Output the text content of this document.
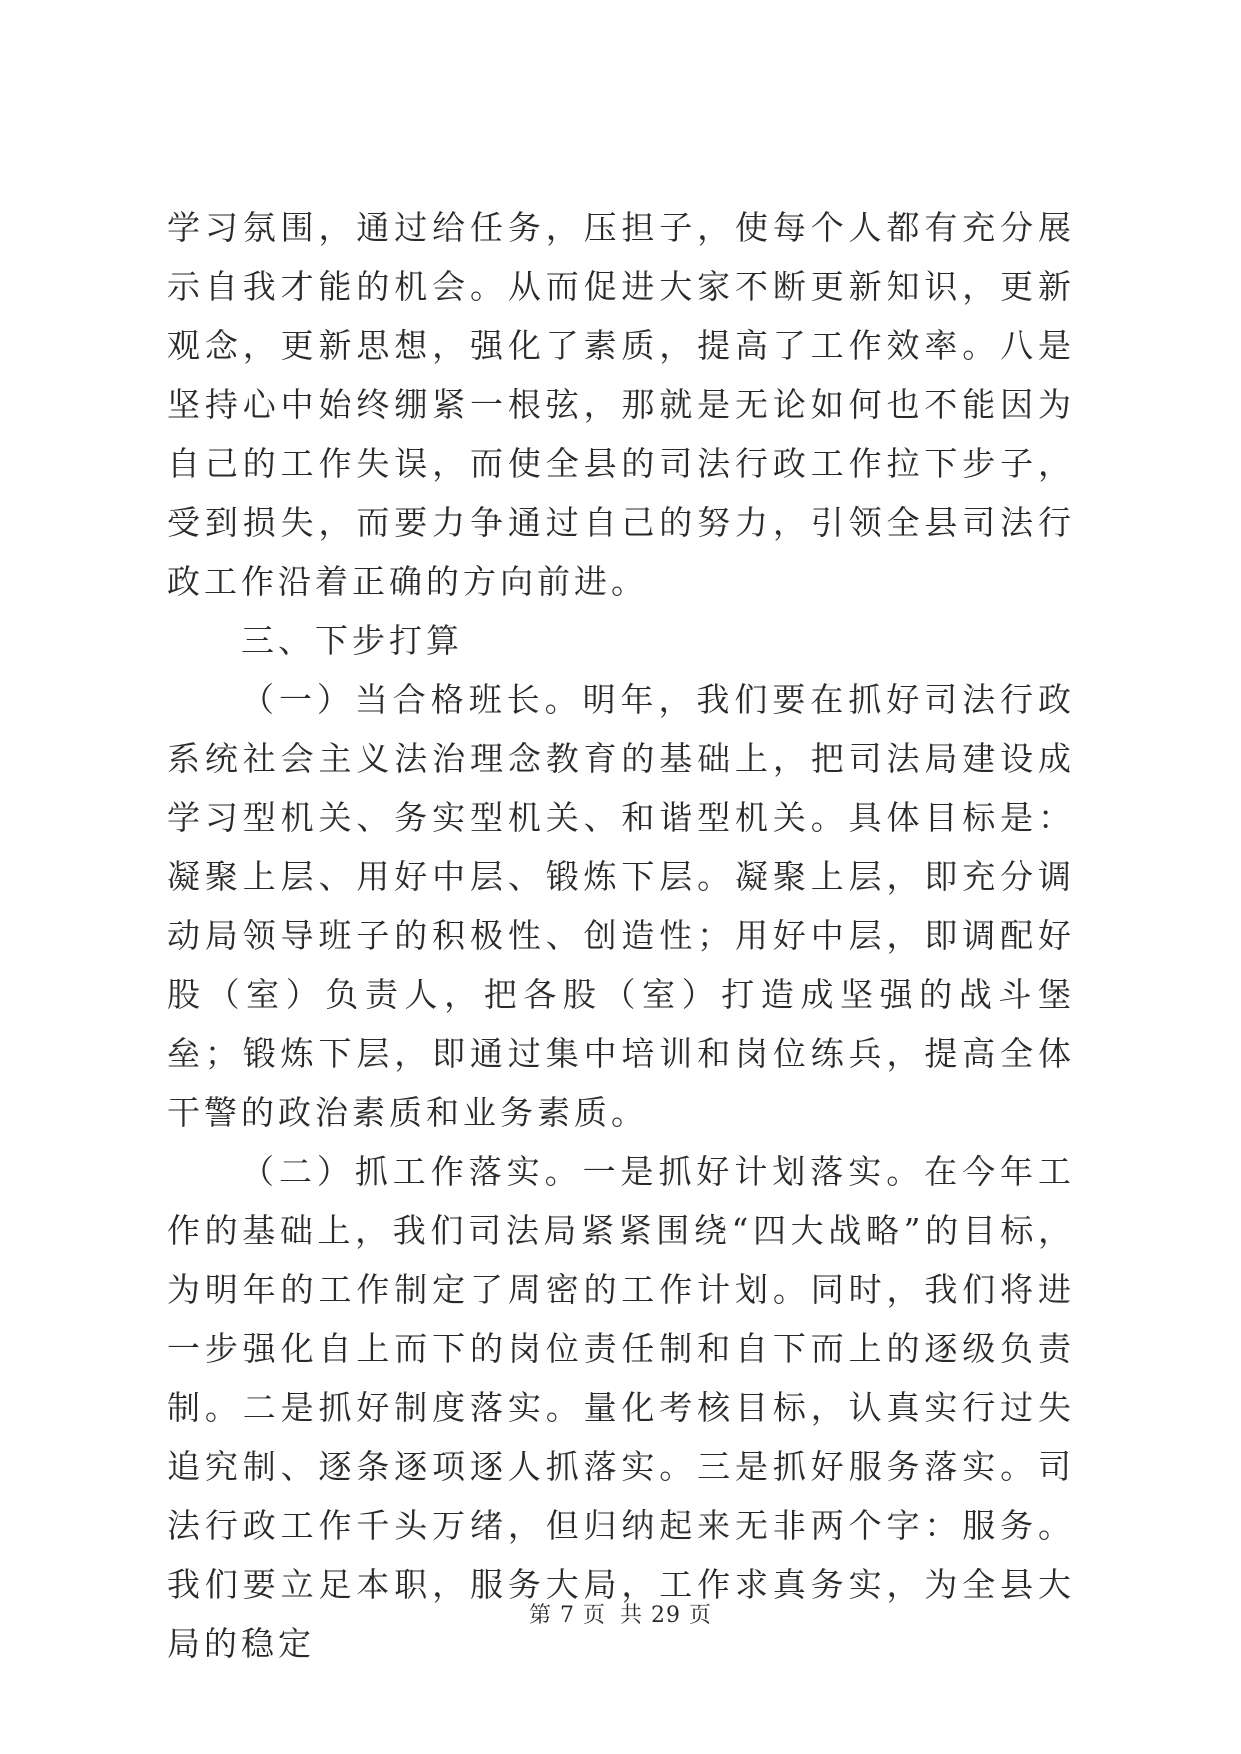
学习氛围，通过给任务，压担子，使每个人都有充分展示自我才能的机会。从而促进大家不断更新知识，更新观念，更新思想，强化了素质，提高了工作效率。八是坚持心中始终绷紧一根弦，那就是无论如何也不能因为自己的工作失误，而使全县的司法行政工作拉下步子，受到损失，而要力争通过自己的努力，引领全县司法行政工作沿着正确的方向前进。

三、下步打算

（一）当合格班长。明年，我们要在抓好司法行政系统社会主义法治理念教育的基础上，把司法局建设成学习型机关、务实型机关、和谐型机关。具体目标是：凝聚上层、用好中层、锻炼下层。凝聚上层，即充分调动局领导班子的积极性、创造性；用好中层，即调配好股（室）负责人，把各股（室）打造成坚强的战斗堡垒；锻炼下层，即通过集中培训和岗位练兵，提高全体干警的政治素质和业务素质。

（二）抓工作落实。一是抓好计划落实。在今年工作的基础上，我们司法局紧紧围绕“四大战略”的目标，为明年的工作制定了周密的工作计划。同时，我们将进一步强化自上而下的岗位责任制和自下而上的逐级负责制。二是抓好制度落实。量化考核目标，认真实行过失追究制、逐条逐项逐人抓落实。三是抓好服务落实。司法行政工作千头万绪，但归纳起来无非两个字：服务。我们要立足本职，服务大局，工作求真务实，为全县大局的稳定

第 7 页 共 29 页
